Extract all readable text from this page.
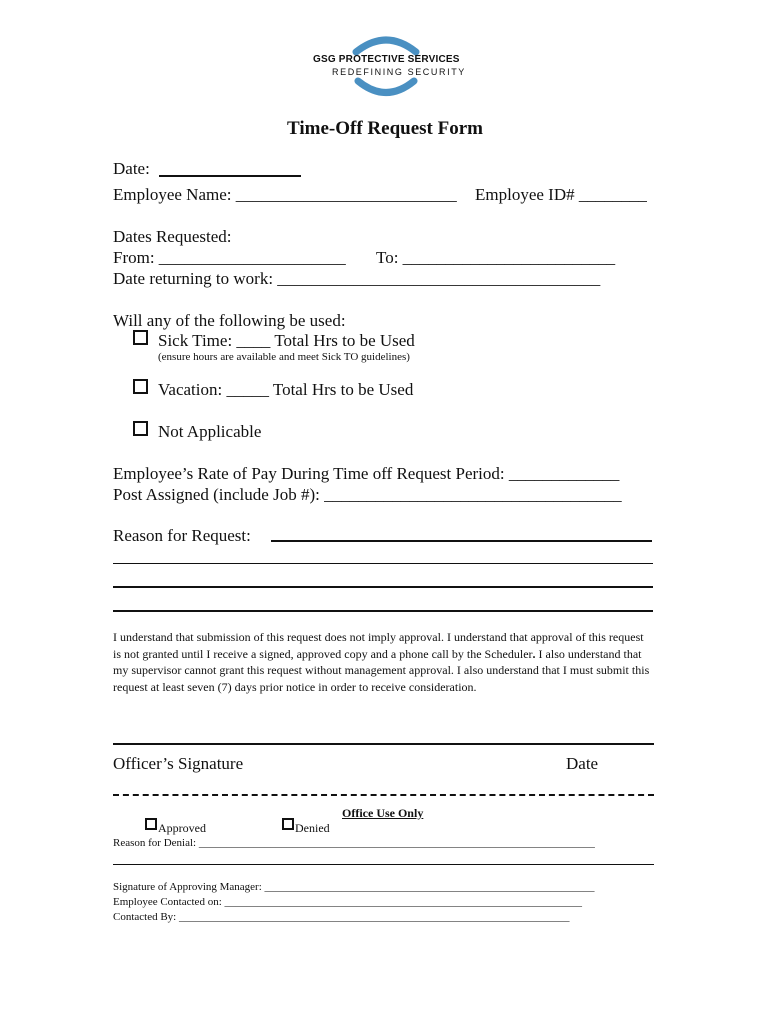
GSG PROTECTIVE SERVICES
REDEFINING SECURITY
Time-Off Request Form
Date:
Employee Name: __________________________ Employee ID# ________
Dates Requested:
From: ______________________ To: _________________________
Date returning to work: ______________________________________
Will any of the following be used:
Sick Time: ____ Total Hrs to be Used
(ensure hours are available and meet Sick TO guidelines)
Vacation: _____ Total Hrs to be Used
Not Applicable
Employee’s Rate of Pay During Time off Request Period: _____________
Post Assigned (include Job #): ___________________________________
Reason for Request:
I understand that submission of this request does not imply approval. I understand that approval of this request is not granted until I receive a signed, approved copy and a phone call by the Scheduler. I also understand that my supervisor cannot grant this request without management approval. I also understand that I must submit this request at least seven (7) days prior notice in order to receive consideration.
Officer’s Signature	Date
Office Use Only
Approved	Denied
Reason for Denial: ________________________________________________________________________
Signature of Approving Manager: ____________________________________________________________
Employee Contacted on: _________________________________________________________________
Contacted By: _______________________________________________________________________
